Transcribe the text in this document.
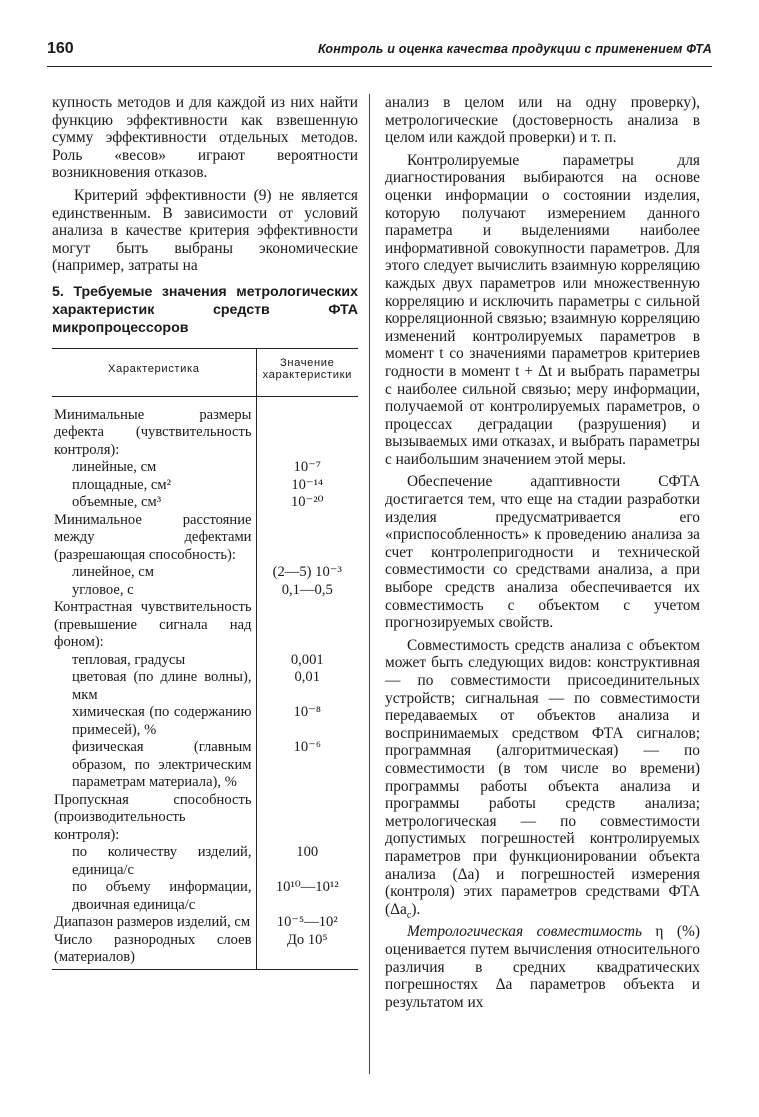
160	Контроль и оценка качества продукции с применением ФТА

купность методов и для каждой из них найти функцию эффективности как взвешенную сумму эффективности отдельных методов. Роль «весов» играют вероятности возникновения отказов.

Критерий эффективности (9) не является единственным. В зависимости от условий анализа в качестве критерия эффективности могут быть выбраны экономические (например, затраты на

5. Требуемые значения метрологических характеристик средств ФТА микропроцессоров
Характеристика	Значение характеристики
Минимальные размеры дефекта (чувствительность контроля):	
линейные, см	10⁻⁷
площадные, см²	10⁻¹⁴
объемные, см³	10⁻²⁰
Минимальное расстояние между дефектами (разрешающая способность):	
линейное, см	(2—5) 10⁻³
угловое, с	0,1—0,5
Контрастная чувствительность (превышение сигнала над фоном):	
тепловая, градусы	0,001
цветовая (по длине волны), мкм	0,01
химическая (по содержанию примесей), %	10⁻⁸
физическая (главным образом, по электрическим параметрам материала), %	10⁻⁶
Пропускная способность (производительность контроля):	
по количеству изделий, единица/с	100
по объему информации, двоичная единица/с	10¹⁰—10¹²
Диапазон размеров изделий, см	10⁻⁵—10²
Число разнородных слоев (материалов)	До 10⁵

анализ в целом или на одну проверку), метрологические (достоверность анализа в целом или каждой проверки) и т. п.

Контролируемые параметры для диагностирования выбираются на основе оценки информации о состоянии изделия, которую получают измерением данного параметра и выделениями наиболее информативной совокупности параметров. Для этого следует вычислить взаимную корреляцию каждых двух параметров или множественную корреляцию и исключить параметры с сильной корреляционной связью; взаимную корреляцию изменений контролируемых параметров в момент t со значениями параметров критериев годности в момент t + Δt и выбрать параметры с наиболее сильной связью; меру информации, получаемой от контролируемых параметров, о процессах деградации (разрушения) и вызываемых ими отказах, и выбрать параметры с наибольшим значением этой меры.

Обеспечение адаптивности СФТА достигается тем, что еще на стадии разработки изделия предусматривается его «приспособленность» к проведению анализа за счет контролепригодности и технической совместимости со средствами анализа, а при выборе средств анализа обеспечивается их совместимость с объектом с учетом прогнозируемых свойств.

Совместимость средств анализа с объектом может быть следующих видов: конструктивная — по совместимости присоединительных устройств; сигнальная — по совместимости передаваемых от объектов анализа и воспринимаемых средством ФТА сигналов; программная (алгоритмическая) — по совместимости (в том числе во времени) программы работы объекта анализа и программы работы средств анализа; метрологическая — по совместимости допустимых погрешностей контролируемых параметров при функционировании объекта анализа (Δa) и погрешностей измерения (контроля) этих параметров средствами ФТА $(\Delta a_c)$.

Метрологическая совместимость η (%) оценивается путем вычисления относительного различия в средних квадратических погрешностях Δa параметров объекта и результатом их
